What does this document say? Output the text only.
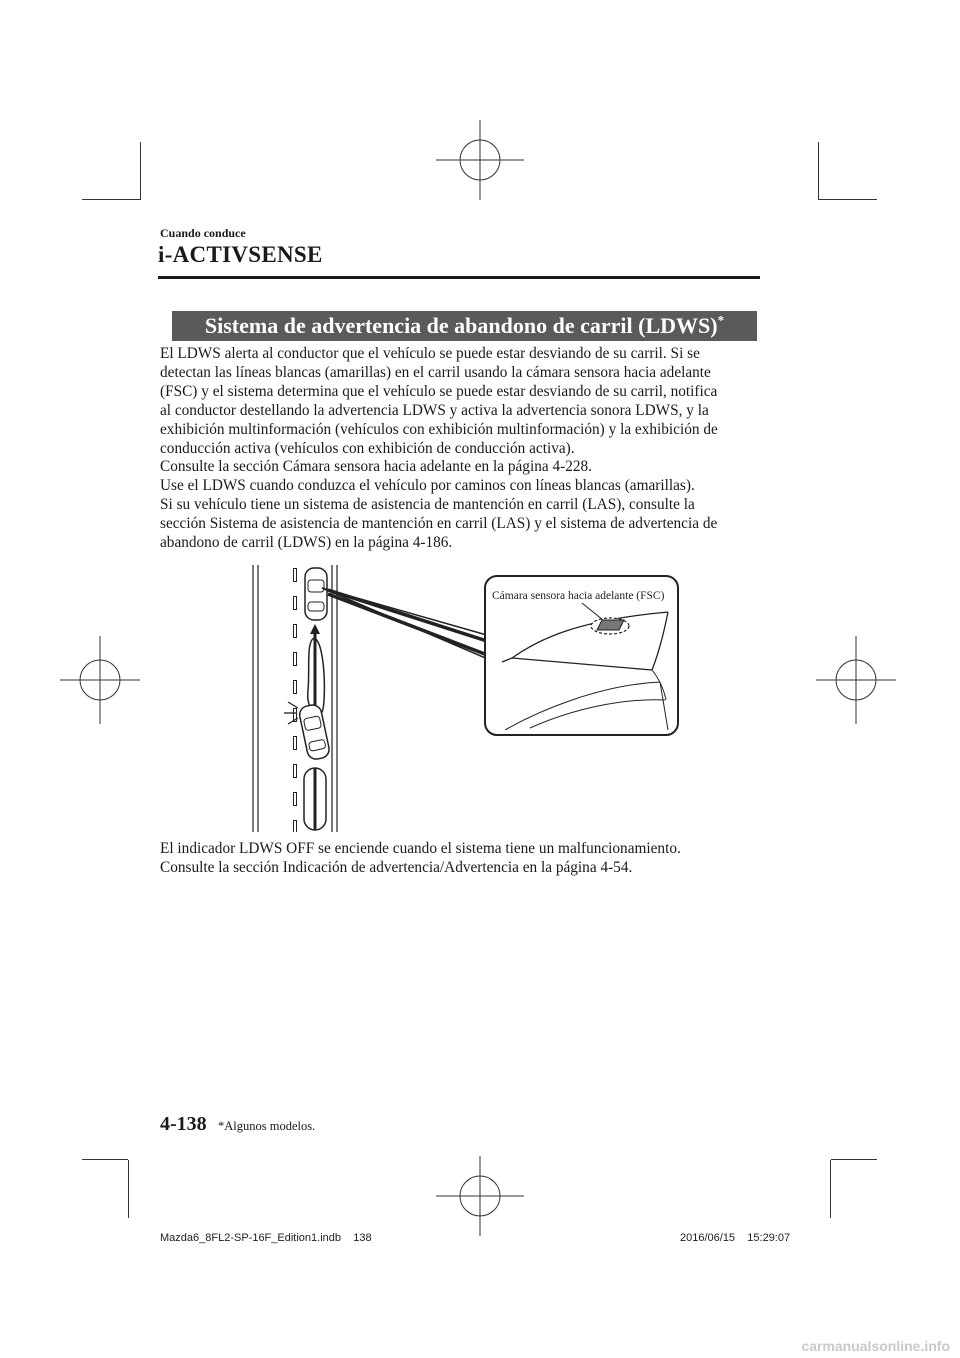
Cuando conduce
i-ACTIVSENSE
Sistema de advertencia de abandono de carril (LDWS)*

El LDWS alerta al conductor que el vehículo se puede estar desviando de su carril. Si se

detectan las líneas blancas (amarillas) en el carril usando la cámara sensora hacia adelante

(FSC) y el sistema determina que el vehículo se puede estar desviando de su carril, notifica

al conductor destellando la advertencia LDWS y activa la advertencia sonora LDWS, y la

exhibición multinformación (vehículos con exhibición multinformación) y la exhibición de

conducción activa (vehículos con exhibición de conducción activa).

Consulte la sección Cámara sensora hacia adelante en la página 4-228.

Use el LDWS cuando conduzca el vehículo por caminos con líneas blancas (amarillas).

Si su vehículo tiene un sistema de asistencia de mantención en carril (LAS), consulte la

sección Sistema de asistencia de mantención en carril (LAS) y el sistema de advertencia de

abandono de carril (LDWS) en la página 4-186.

Cámara sensora hacia adelante (FSC)

El indicador LDWS OFF se enciende cuando el sistema tiene un malfuncionamiento.

Consulte la sección Indicación de advertencia/Advertencia en la página 4-54.

4-138 *Algunos modelos.
Mazda6_8FL2-SP-16F_Edition1.indb    138	2016/06/15    15:29:07
carmanualsonline.info
